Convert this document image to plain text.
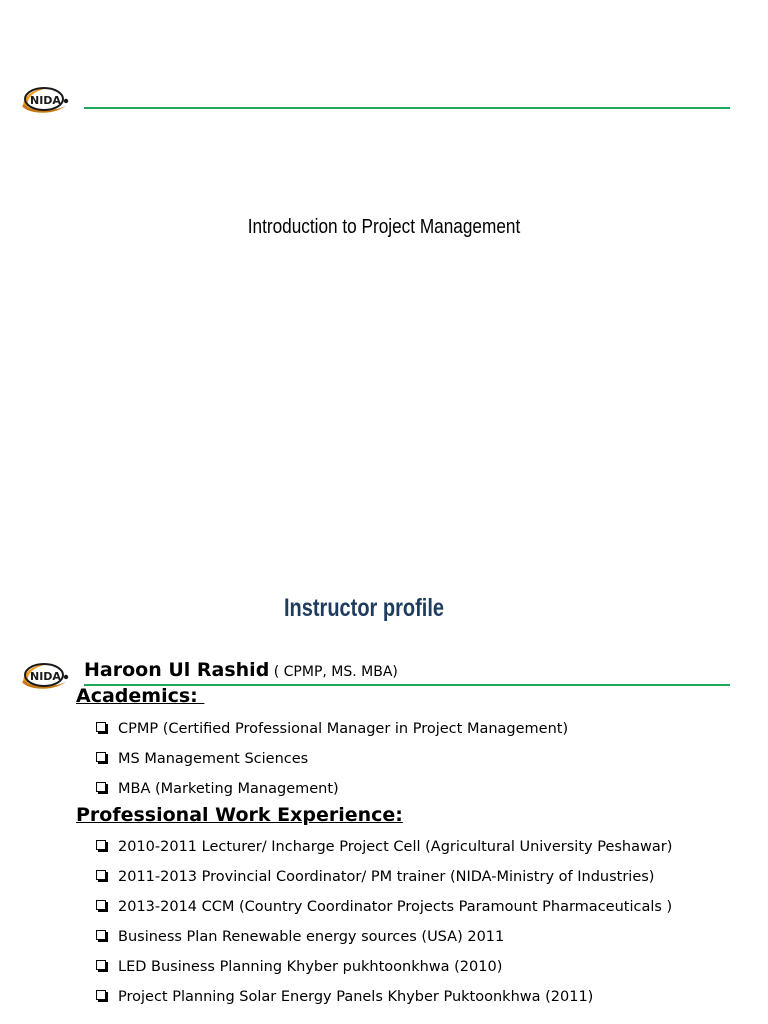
NIDA
Introduction to Project Management
Instructor profile
NIDA Haroon Ul Rashid ( CPMP, MS. MBA)
Academics:
CPMP (Certified Professional Manager in Project Management)
MS Management Sciences
MBA (Marketing Management)
Professional Work Experience:
2010-2011 Lecturer/ Incharge Project Cell (Agricultural University Peshawar)
2011-2013 Provincial Coordinator/ PM trainer (NIDA-Ministry of Industries)
2013-2014 CCM (Country Coordinator Projects Paramount Pharmaceuticals )
Business Plan Renewable energy sources (USA) 2011
LED Business Planning Khyber pukhtoonkhwa (2010)
Project Planning Solar Energy Panels Khyber Puktoonkhwa (2011)
